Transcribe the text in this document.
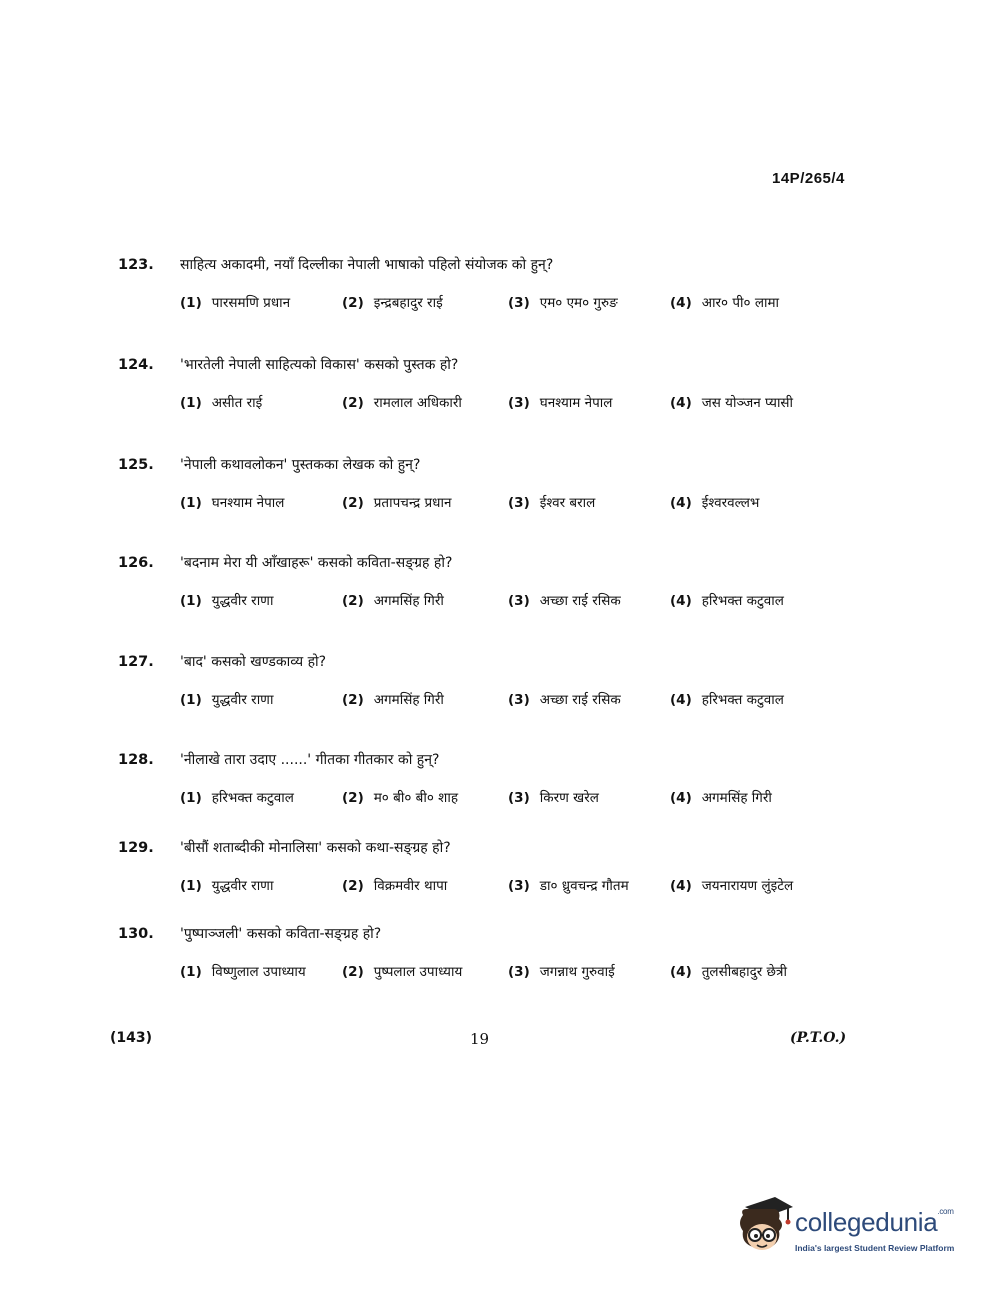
14P/265/4
123. साहित्य अकादमी, नयाँ दिल्लीका नेपाली भाषाको पहिलो संयोजक को हुन्?
(1) पारसमणि प्रधान	(2) इन्द्रबहादुर राई	(3) एम० एम० गुरुङ	(4) आर० पी० लामा
124. 'भारतेली नेपाली साहित्यको विकास' कसको पुस्तक हो?
(1) असीत राई	(2) रामलाल अधिकारी	(3) घनश्याम नेपाल	(4) जस योञ्जन प्यासी
125. 'नेपाली कथावलोकन' पुस्तकका लेखक को हुन्?
(1) घनश्याम नेपाल	(2) प्रतापचन्द्र प्रधान	(3) ईश्वर बराल	(4) ईश्वरवल्लभ
126. 'बदनाम मेरा यी आँखाहरू' कसको कविता-सङ्ग्रह हो?
(1) युद्धवीर राणा	(2) अगमसिंह गिरी	(3) अच्छा राई रसिक	(4) हरिभक्त कटुवाल
127. 'बाद' कसको खण्डकाव्य हो?
(1) युद्धवीर राणा	(2) अगमसिंह गिरी	(3) अच्छा राई रसिक	(4) हरिभक्त कटुवाल
128. 'नीलाखे तारा उदाए ......' गीतका गीतकार को हुन्?
(1) हरिभक्त कटुवाल	(2) म० बी० बी० शाह	(3) किरण खरेल	(4) अगमसिंह गिरी
129. 'बीसौं शताब्दीकी मोनालिसा' कसको कथा-सङ्ग्रह हो?
(1) युद्धवीर राणा	(2) विक्रमवीर थापा	(3) डा० ध्रुवचन्द्र गौतम	(4) जयनारायण लुंइटेल
130. 'पुष्पाञ्जली' कसको कविता-सङ्ग्रह हो?
(1) विष्णुलाल उपाध्याय	(2) पुष्पलाल उपाध्याय	(3) जगन्नाथ गुरुवाई	(4) तुलसीबहादुर छेत्री
(143)	19	(P.T.O.)
collegedunia$^{.com}$
India's largest Student Review Platform
